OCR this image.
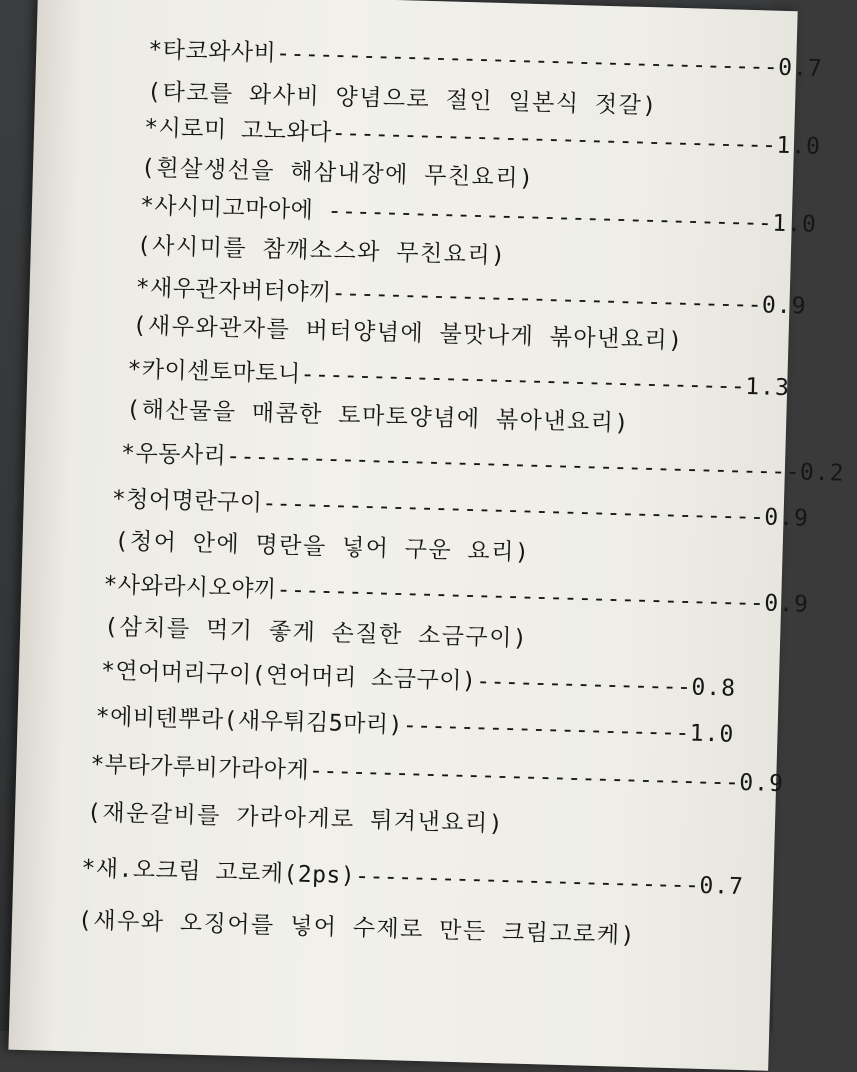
*타코와사비-----------------------------------0.7
(타코를 와사비 양념으로 절인 일본식 젓갈)
*시로미 고노와다-------------------------------1.0
(흰살생선을 해삼내장에 무친요리)
*사시미고마아에 -------------------------------1.0
(사시미를 참깨소스와 무친요리)
*새우관자버터야끼------------------------------0.9
(새우와관자를 버터양념에 불맛나게 볶아낸요리)
*카이센토마토니-------------------------------1.3
(해산물을 매콤한 토마토양념에 볶아낸요리)
*우동사리----------------------------------------0.2
*청어명란구이-----------------------------------0.9
(청어 안에 명란을 넣어 구운 요리)
*사와라시오야끼----------------------------------0.9
(삼치를 먹기 좋게 손질한 소금구이)
*연어머리구이(연어머리 소금구이)---------------0.8
*에비텐뿌라(새우튀김5마리)--------------------1.0
*부타가루비가라아게------------------------------0.9
(재운갈비를 가라아게로 튀겨낸요리)
*새.오크림 고로케(2ps)------------------------0.7
(새우와 오징어를 넣어 수제로 만든 크림고로케)
